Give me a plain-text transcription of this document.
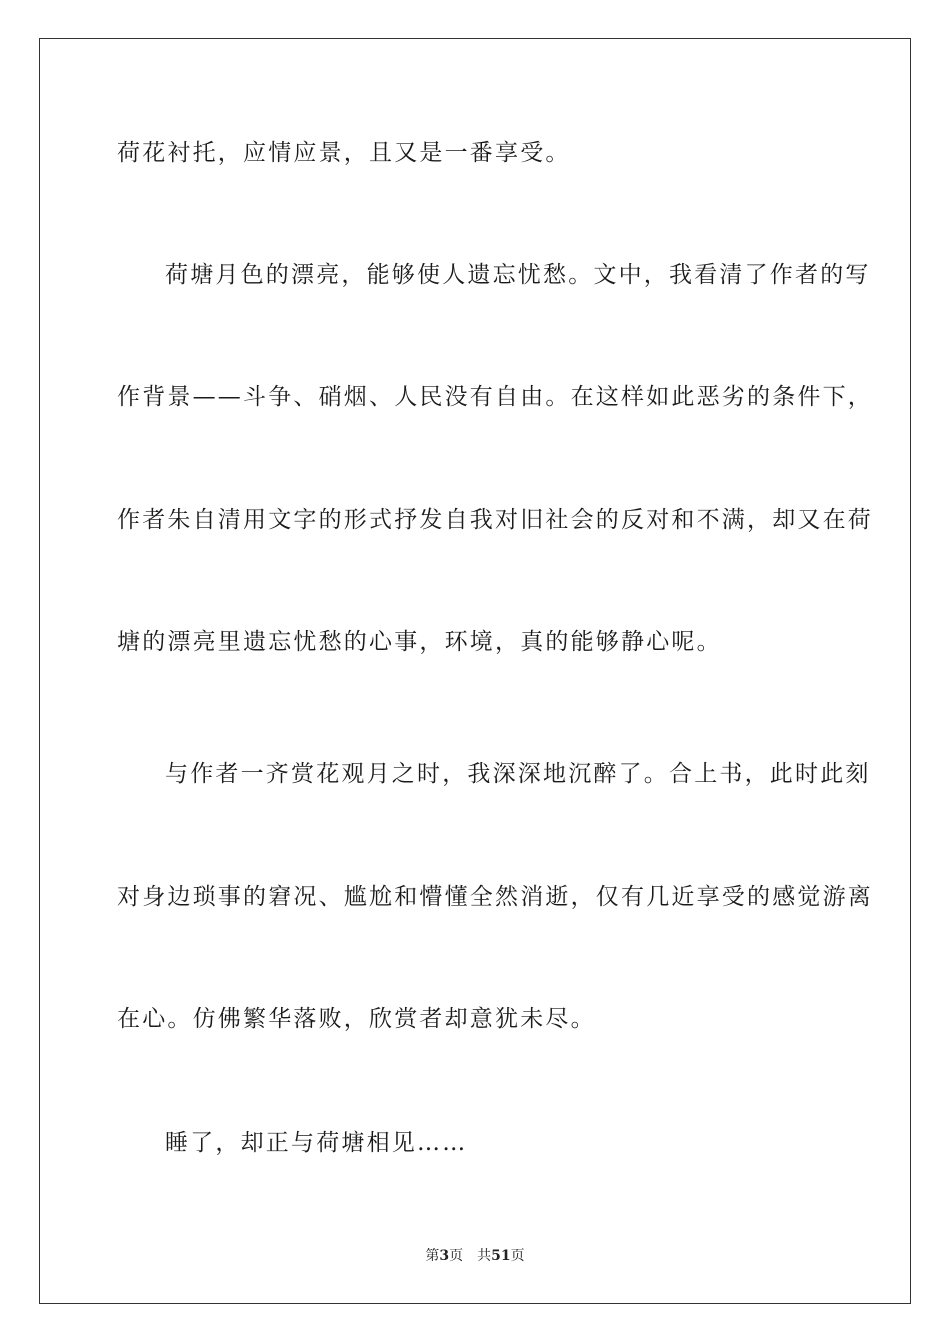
荷花衬托，应情应景，且又是一番享受。
荷塘月色的漂亮，能够使人遗忘忧愁。文中，我看清了作者的写
作背景——斗争、硝烟、人民没有自由。在这样如此恶劣的条件下，
作者朱自清用文字的形式抒发自我对旧社会的反对和不满，却又在荷
塘的漂亮里遗忘忧愁的心事，环境，真的能够静心呢。
与作者一齐赏花观月之时，我深深地沉醉了。合上书，此时此刻
对身边琐事的窘况、尴尬和懵懂全然消逝，仅有几近享受的感觉游离
在心。仿佛繁华落败，欣赏者却意犹未尽。
睡了，却正与荷塘相见……
第3页 共51页
